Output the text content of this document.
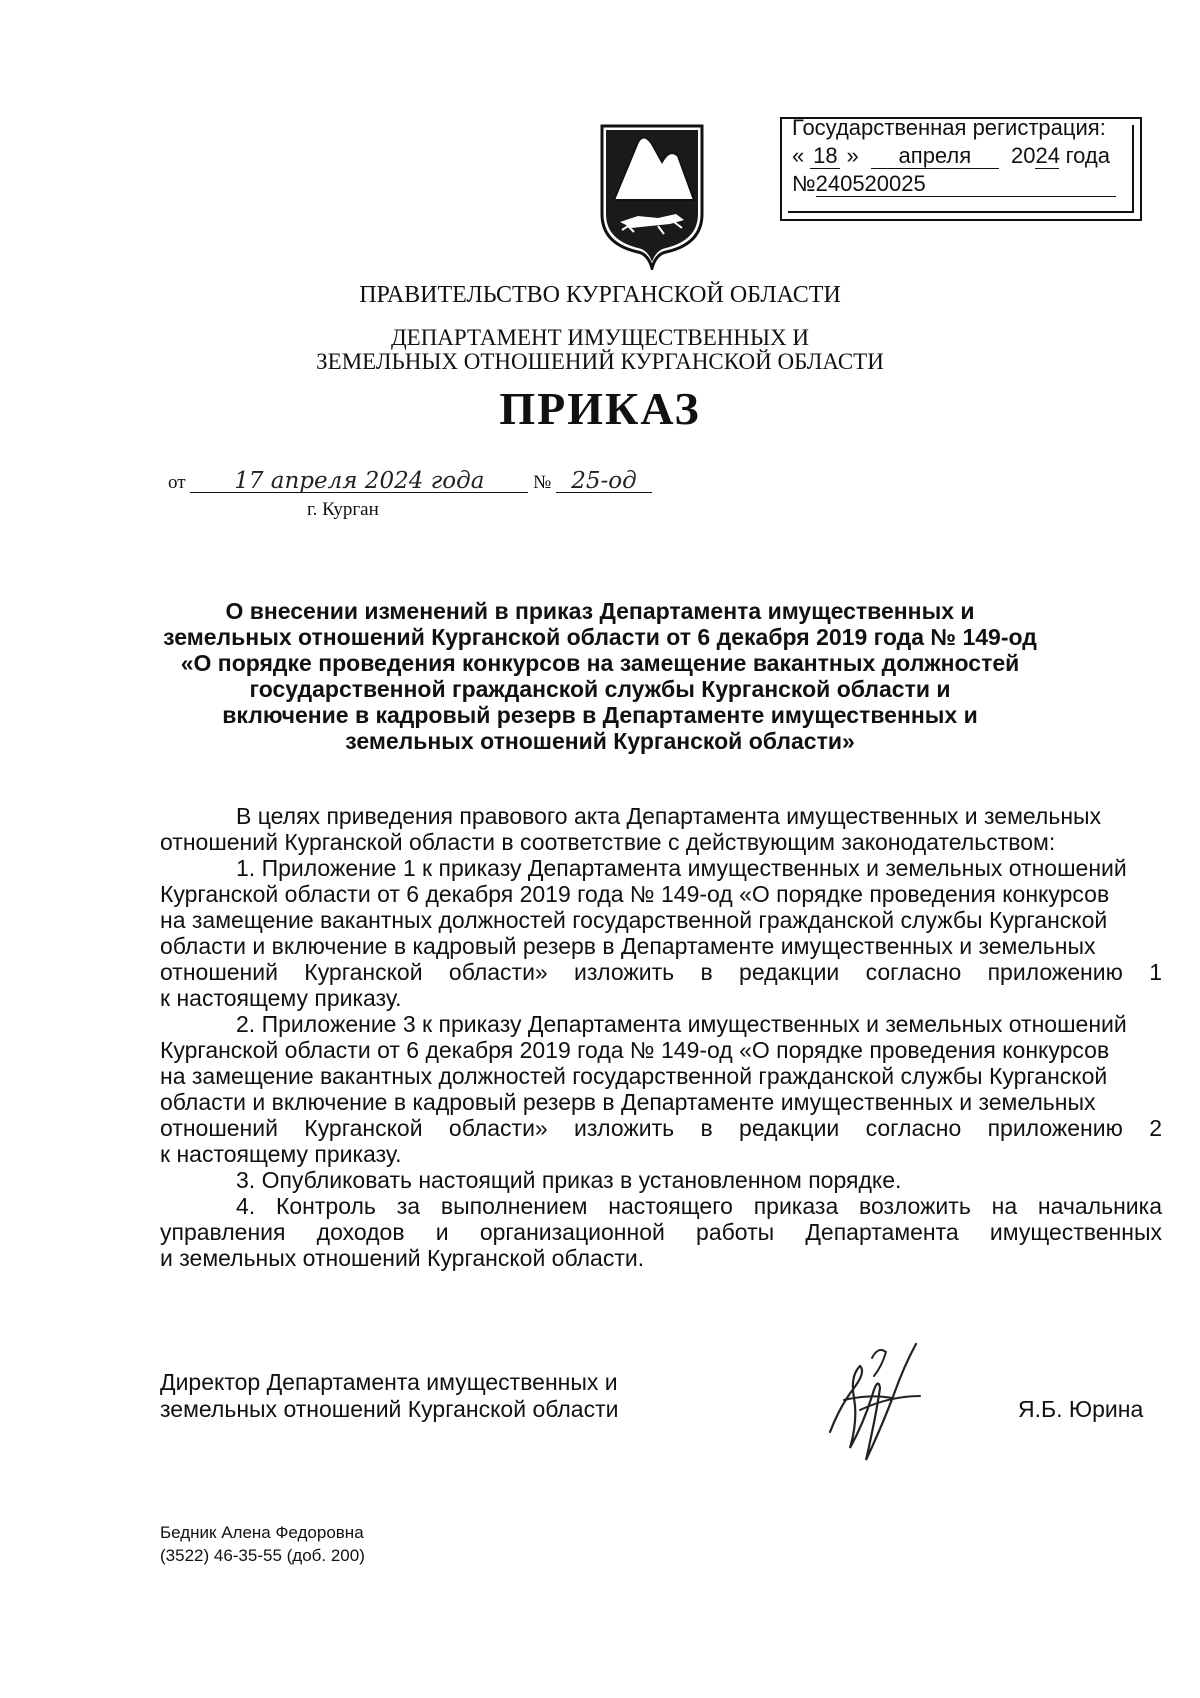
Государственная регистрация:
« 18 » апреля 2024 года
№240520025
ПРАВИТЕЛЬСТВО КУРГАНСКОЙ ОБЛАСТИ
ДЕПАРТАМЕНТ ИМУЩЕСТВЕННЫХ И
ЗЕМЕЛЬНЫХ ОТНОШЕНИЙ КУРГАНСКОЙ ОБЛАСТИ
ПРИКАЗ
от 17 апреля 2024 года	№ 25-од
г. Курган
О внесении изменений в приказ Департамента имущественных и
земельных отношений Курганской области от 6 декабря 2019 года № 149-од
«О порядке проведения конкурсов на замещение вакантных должностей
государственной гражданской службы Курганской области и
включение в кадровый резерв в Департаменте имущественных и
земельных отношений Курганской области»
В целях приведения правового акта Департамента имущественных и земельных
отношений Курганской области в соответствие с действующим законодательством:
1. Приложение 1 к приказу Департамента имущественных и земельных отношений
Курганской области от 6 декабря 2019 года № 149-од «О порядке проведения конкурсов
на замещение вакантных должностей государственной гражданской службы Курганской
области и включение в кадровый резерв в Департаменте имущественных и земельных
отношений Курганской области» изложить в редакции согласно приложению 1
к настоящему приказу.
2. Приложение 3 к приказу Департамента имущественных и земельных отношений
Курганской области от 6 декабря 2019 года № 149-од «О порядке проведения конкурсов
на замещение вакантных должностей государственной гражданской службы Курганской
области и включение в кадровый резерв в Департаменте имущественных и земельных
отношений Курганской области» изложить в редакции согласно приложению 2
к настоящему приказу.
3. Опубликовать настоящий приказ в установленном порядке.
4. Контроль за выполнением настоящего приказа возложить на начальника
управления доходов и организационной работы Департамента имущественных
и земельных отношений Курганской области.
Директор Департамента имущественных и
земельных отношений Курганской области	Я.Б. Юрина
Бедник Алена Федоровна
(3522) 46-35-55 (доб. 200)
